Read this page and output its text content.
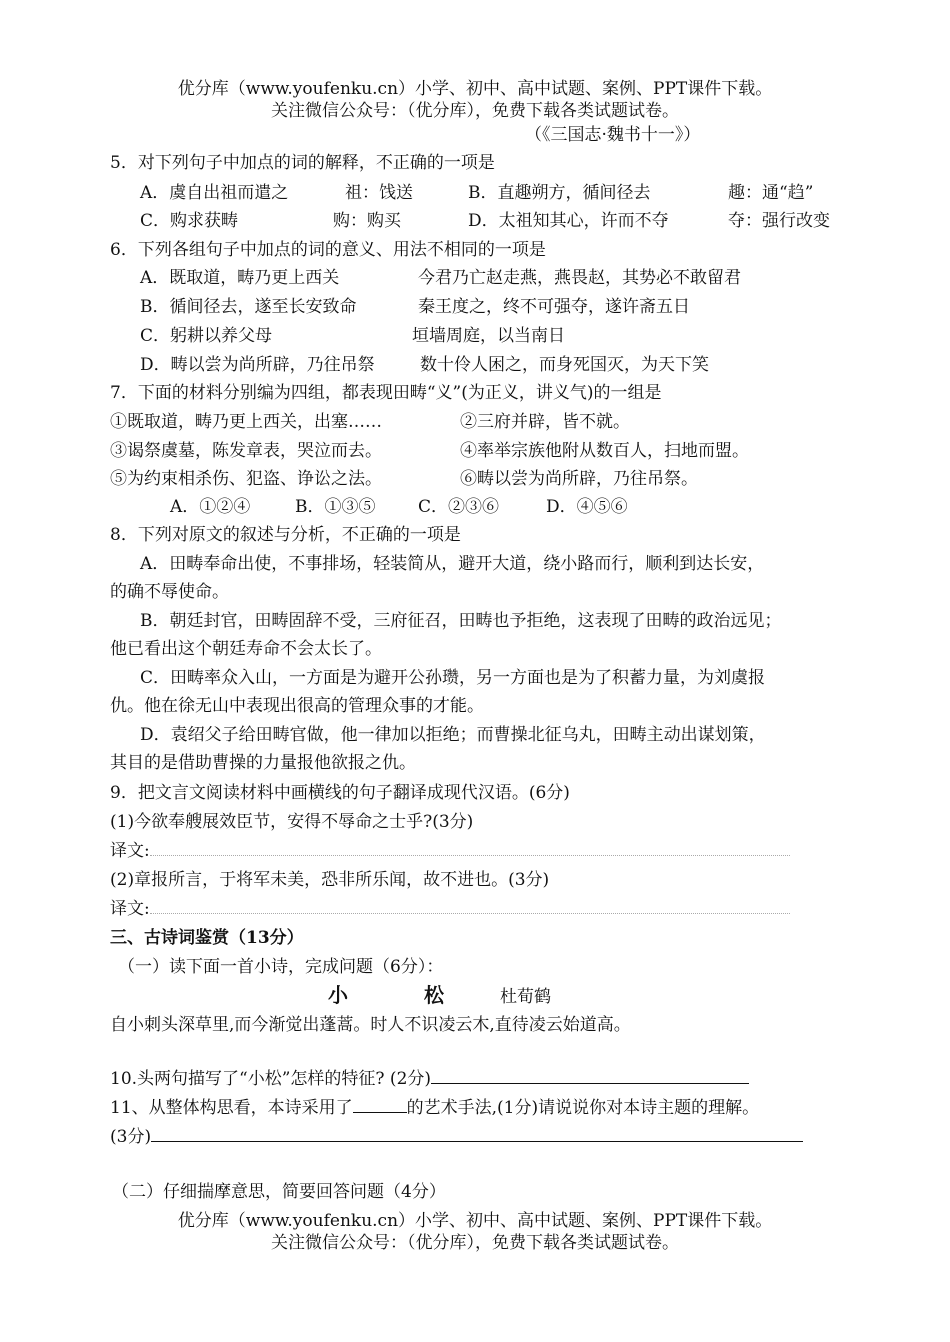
优分库（www.youfenku.cn）小学、初中、高中试题、案例、PPT课件下载。
关注微信公众号：（优分库），免费下载各类试题试卷。
（《三国志·魏书十一》）
5．对下列句子中加点的词的解释，不正确的一项是
A．虞自出祖而遣之	祖：饯送	B．直趣朔方，循间径去	趣：通“趋”
C．购求获畴	购：购买	D．太祖知其心，许而不夺	夺：强行改变
6．下列各组句子中加点的词的意义、用法不相同的一项是
A．既取道，畴乃更上西关	今君乃亡赵走燕，燕畏赵，其势必不敢留君
B．循间径去，遂至长安致命	秦王度之，终不可强夺，遂许斋五日
C．躬耕以养父母	垣墙周庭，以当南日
D．畴以尝为尚所辟，乃往吊祭	数十伶人困之，而身死国灭，为天下笑
7．下面的材料分别编为四组，都表现田畴“义”(为正义，讲义气)的一组是
①既取道，畴乃更上西关，出塞……	②三府并辟，皆不就。
③谒祭虞墓，陈发章表，哭泣而去。	④率举宗族他附从数百人，扫地而盟。
⑤为约束相杀伤、犯盗、诤讼之法。	⑥畴以尝为尚所辟，乃往吊祭。
A．①②④	B．①③⑤	C．②③⑥	D．④⑤⑥
8．下列对原文的叙述与分析，不正确的一项是
A．田畴奉命出使，不事排场，轻装简从，避开大道，绕小路而行，顺利到达长安，
的确不辱使命。
B．朝廷封官，田畴固辞不受，三府征召，田畴也予拒绝，这表现了田畴的政治远见；
他已看出这个朝廷寿命不会太长了。
C．田畴率众入山，一方面是为避开公孙瓒，另一方面也是为了积蓄力量，为刘虞报
仇。他在徐无山中表现出很高的管理众事的才能。
D．袁绍父子给田畴官做，他一律加以拒绝；而曹操北征乌丸，田畴主动出谋划策，
其目的是借助曹操的力量报他欲报之仇。
9．把文言文阅读材料中画横线的句子翻译成现代汉语。(6分)
(1)今欲奉艘展效臣节，安得不辱命之士乎?(3分)
译文:
(2)章报所言，于将军未美，恐非所乐闻，故不进也。(3分)
译文:
三、古诗词鉴赏（13分）
（一）读下面一首小诗，完成问题（6分）：
小	松	杜荀鹤
自小刺头深草里,而今渐觉出蓬蒿。时人不识凌云木,直待凌云始道高。
10.头两句描写了“小松”怎样的特征? (2分)
11、从整体构思看，本诗采用了	的艺术手法,(1分)请说说你对本诗主题的理解。
(3分)
（二）仔细揣摩意思，简要回答问题（4分）
优分库（www.youfenku.cn）小学、初中、高中试题、案例、PPT课件下载。
关注微信公众号：（优分库），免费下载各类试题试卷。
